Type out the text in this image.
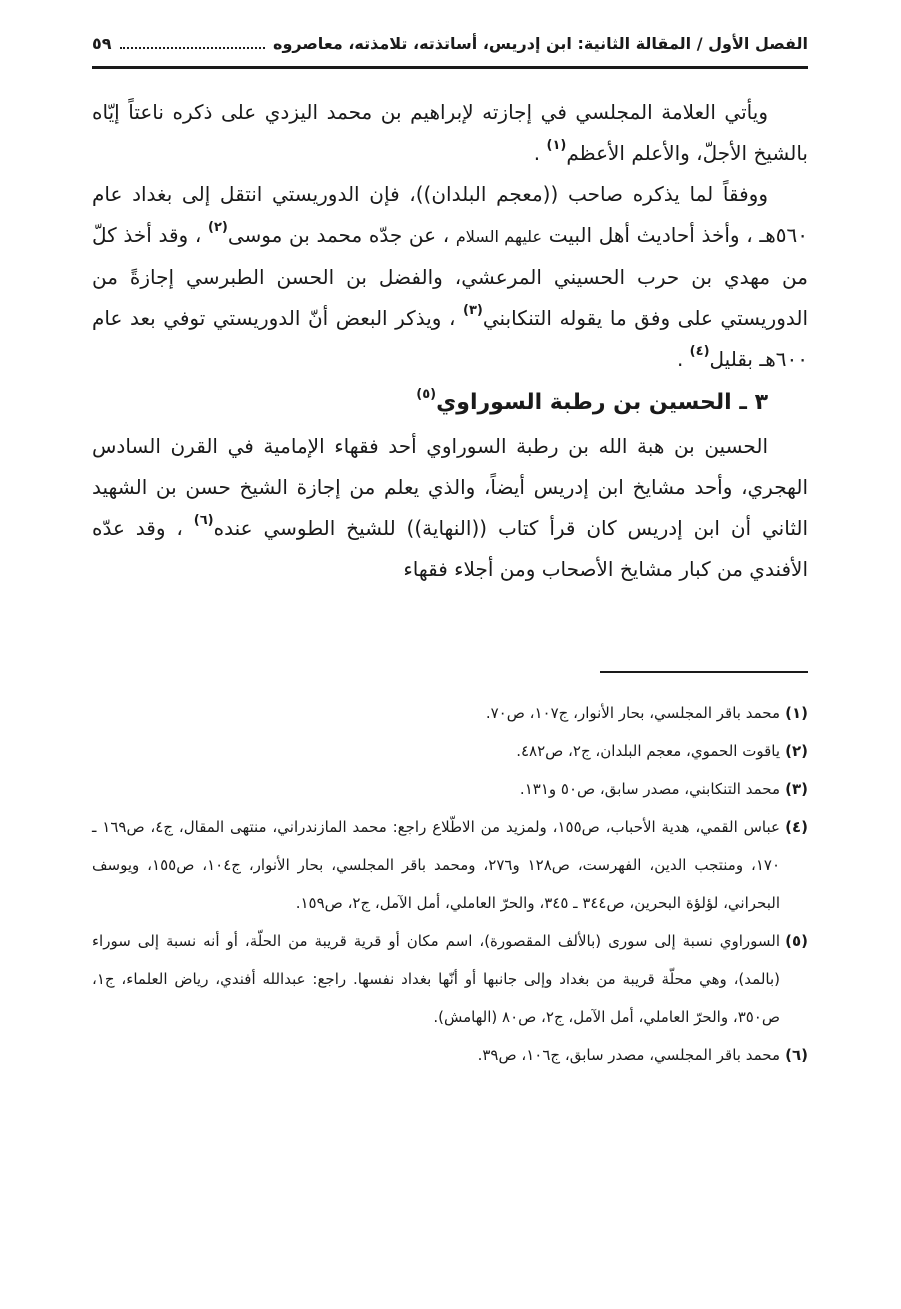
الفصل الأول / المقالة الثانية: ابن إدريس، أساتذته، تلامذته، معاصروه
٥٩

ويأتي العلامة المجلسي في إجازته لإبراهيم بن محمد اليزدي على ذكره ناعتاً إيّاه بالشيخ الأجلّ، والأعلم الأعظم$^{(١)}$ .

ووفقاً لما يذكره صاحب ((معجم البلدان))، فإن الدوريستي انتقل إلى بغداد عام ٥٦٠هـ ، وأخذ أحاديث أهل البيت عليهم السلام ، عن جدّه محمد بن موسى$^{(٢)}$ ، وقد أخذ كلّ من مهدي بن حرب الحسيني المرعشي، والفضل بن الحسن الطبرسي إجازةً من الدوريستي على وفق ما يقوله التنكابني$^{(٣)}$ ، ويذكر البعض أنّ الدوريستي توفي بعد عام ٦٠٠هـ بقليل$^{(٤)}$ .

٣ ـ الحسين بن رطبة السوراوي$^{(٥)}$

الحسين بن هبة الله بن رطبة السوراوي أحد فقهاء الإمامية في القرن السادس الهجري، وأحد مشايخ ابن إدريس أيضاً، والذي يعلم من إجازة الشيخ حسن بن الشهيد الثاني أن ابن إدريس كان قرأ كتاب ((النهاية)) للشيخ الطوسي عنده$^{(٦)}$ ، وقد عدّه الأفندي من كبار مشايخ الأصحاب ومن أجلاء فقهاء

(١)
محمد باقر المجلسي، بحار الأنوار، ج١٠٧، ص٧٠.
(٢)
ياقوت الحموي، معجم البلدان، ج٢، ص٤٨٢.
(٣)
محمد التنكابني، مصدر سابق، ص٥٠ و١٣١.
(٤)
عباس القمي، هدية الأحباب، ص١٥٥، ولمزيد من الاطّلاع راجع: محمد المازندراني، منتهى المقال، ج٤، ص١٦٩ ـ ١٧٠، ومنتجب الدين، الفهرست، ص١٢٨ و٢٧٦، ومحمد باقر المجلسي، بحار الأنوار، ج١٠٤، ص١٥٥، ويوسف البحراني، لؤلؤة البحرين، ص٣٤٤ ـ ٣٤٥، والحرّ العاملي، أمل الآمل، ج٢، ص١٥٩.
(٥)
السوراوي نسبة إلى سورى (بالألف المقصورة)، اسم مكان أو قرية قريبة من الحلّة، أو أنه نسبة إلى سوراء (بالمد)، وهي محلّة قريبة من بغداد وإلى جانبها أو أنّها بغداد نفسها. راجع: عبدالله أفندي، رياض العلماء، ج١، ص٣٥٠، والحرّ العاملي، أمل الآمل، ج٢، ص٨٠ (الهامش).
(٦)
محمد باقر المجلسي، مصدر سابق، ج١٠٦، ص٣٩.
